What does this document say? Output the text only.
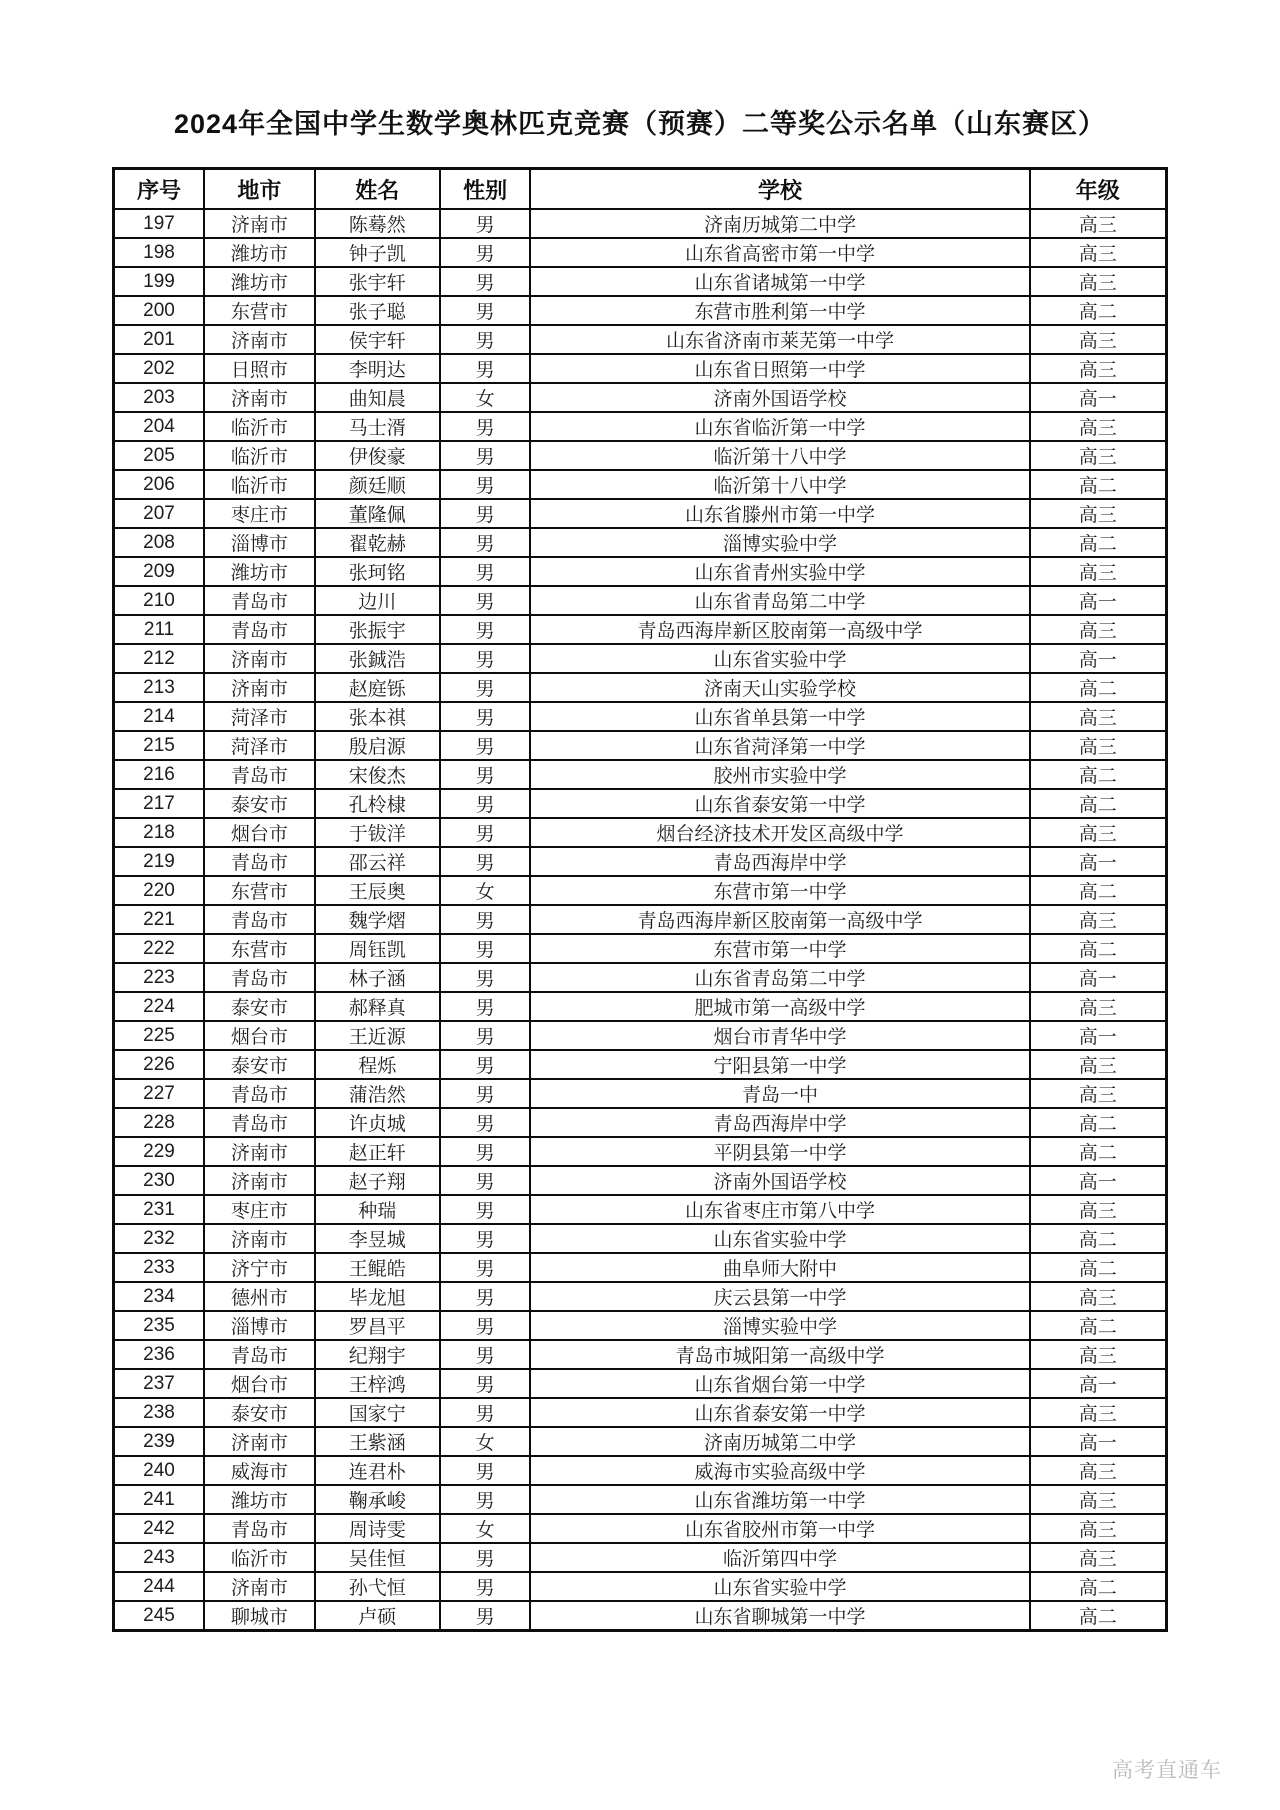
2024年全国中学生数学奥林匹克竞赛（预赛）二等奖公示名单（山东赛区）
序号	地市	姓名	性别	学校	年级
197	济南市	陈蓦然	男	济南历城第二中学	高三
198	潍坊市	钟子凯	男	山东省高密市第一中学	高三
199	潍坊市	张宇轩	男	山东省诸城第一中学	高三
200	东营市	张子聪	男	东营市胜利第一中学	高二
201	济南市	侯宇轩	男	山东省济南市莱芜第一中学	高三
202	日照市	李明达	男	山东省日照第一中学	高三
203	济南市	曲知晨	女	济南外国语学校	高一
204	临沂市	马士湑	男	山东省临沂第一中学	高三
205	临沂市	伊俊豪	男	临沂第十八中学	高三
206	临沂市	颜廷顺	男	临沂第十八中学	高二
207	枣庄市	董隆佩	男	山东省滕州市第一中学	高三
208	淄博市	翟乾赫	男	淄博实验中学	高二
209	潍坊市	张珂铭	男	山东省青州实验中学	高三
210	青岛市	边川	男	山东省青岛第二中学	高一
211	青岛市	张振宇	男	青岛西海岸新区胶南第一高级中学	高三
212	济南市	张鋮浩	男	山东省实验中学	高一
213	济南市	赵庭铄	男	济南天山实验学校	高二
214	菏泽市	张本祺	男	山东省单县第一中学	高三
215	菏泽市	殷启源	男	山东省菏泽第一中学	高三
216	青岛市	宋俊杰	男	胶州市实验中学	高二
217	泰安市	孔柃棣	男	山东省泰安第一中学	高二
218	烟台市	于钹洋	男	烟台经济技术开发区高级中学	高三
219	青岛市	邵云祥	男	青岛西海岸中学	高一
220	东营市	王辰奥	女	东营市第一中学	高二
221	青岛市	魏学熠	男	青岛西海岸新区胶南第一高级中学	高三
222	东营市	周钰凯	男	东营市第一中学	高二
223	青岛市	林子涵	男	山东省青岛第二中学	高一
224	泰安市	郝释真	男	肥城市第一高级中学	高三
225	烟台市	王近源	男	烟台市青华中学	高一
226	泰安市	程烁	男	宁阳县第一中学	高三
227	青岛市	蒲浩然	男	青岛一中	高三
228	青岛市	许贞城	男	青岛西海岸中学	高二
229	济南市	赵正轩	男	平阴县第一中学	高二
230	济南市	赵子翔	男	济南外国语学校	高一
231	枣庄市	种瑞	男	山东省枣庄市第八中学	高三
232	济南市	李昱城	男	山东省实验中学	高二
233	济宁市	王鲲皓	男	曲阜师大附中	高二
234	德州市	毕龙旭	男	庆云县第一中学	高三
235	淄博市	罗昌平	男	淄博实验中学	高二
236	青岛市	纪翔宇	男	青岛市城阳第一高级中学	高三
237	烟台市	王梓鸿	男	山东省烟台第一中学	高一
238	泰安市	国家宁	男	山东省泰安第一中学	高三
239	济南市	王紫涵	女	济南历城第二中学	高一
240	威海市	连君朴	男	威海市实验高级中学	高三
241	潍坊市	鞠承峻	男	山东省潍坊第一中学	高三
242	青岛市	周诗雯	女	山东省胶州市第一中学	高三
243	临沂市	吴佳恒	男	临沂第四中学	高三
244	济南市	孙弋恒	男	山东省实验中学	高二
245	聊城市	卢硕	男	山东省聊城第一中学	高二
高考直通车
